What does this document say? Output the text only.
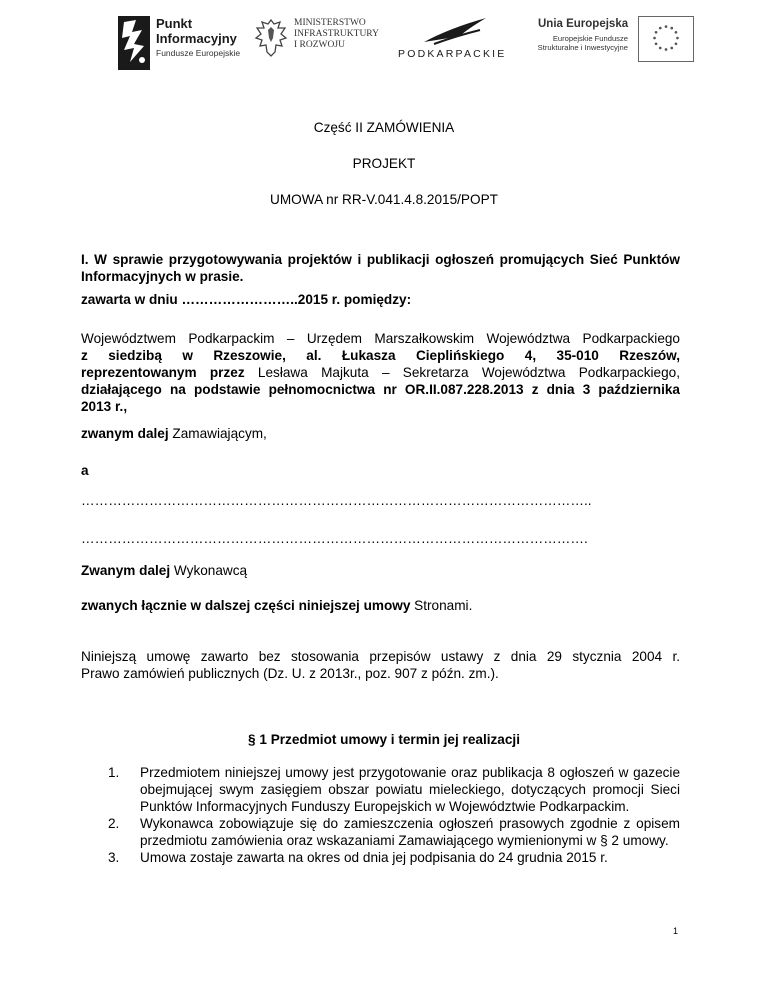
Punkt
Informacyjny
Fundusze Europejskie
MINISTERSTWO
INFRASTRUKTURY
I ROZWOJU
PODKARPACKIE
Unia Europejska
Europejskie Fundusze
Strukturalne i Inwestycyjne
Część II ZAMÓWIENIA
PROJEKT
UMOWA nr RR-V.041.4.8.2015/POPT
I. W sprawie przygotowywania projektów i publikacji ogłoszeń promujących Sieć Punktów Informacyjnych w prasie.
zawarta w dniu ……………………..2015 r. pomiędzy:
Województwem Podkarpackim – Urzędem Marszałkowskim Województwa Podkarpackiego
z siedzibą w Rzeszowie, al. Łukasza Cieplińskiego 4, 35-010 Rzeszów,
reprezentowanym przez Lesława Majkuta – Sekretarza Województwa Podkarpackiego,
działającego na podstawie pełnomocnictwa nr OR.II.087.228.2013 z dnia 3 października
2013 r.,
zwanym dalej Zamawiającym,
a
…………………………………………………………………………………………………..
………………………………………………………………………………………………….
Zwanym dalej Wykonawcą
zwanych łącznie w dalszej części niniejszej umowy Stronami.
Niniejszą umowę zawarto bez stosowania przepisów ustawy z dnia 29 stycznia 2004 r.
Prawo zamówień publicznych (Dz. U. z 2013r., poz. 907 z późn. zm.).
§ 1 Przedmiot umowy i termin jej realizacji
1. Przedmiotem niniejszej umowy jest przygotowanie oraz publikacja 8 ogłoszeń w gazecie obejmującej swym zasięgiem obszar powiatu mieleckiego, dotyczących promocji Sieci Punktów Informacyjnych Funduszy Europejskich w Województwie Podkarpackim.
2. Wykonawca zobowiązuje się do zamieszczenia ogłoszeń prasowych zgodnie z opisem przedmiotu zamówienia oraz wskazaniami Zamawiającego wymienionymi w § 2 umowy.
3. Umowa zostaje zawarta na okres od dnia jej podpisania do 24 grudnia 2015 r.
1
